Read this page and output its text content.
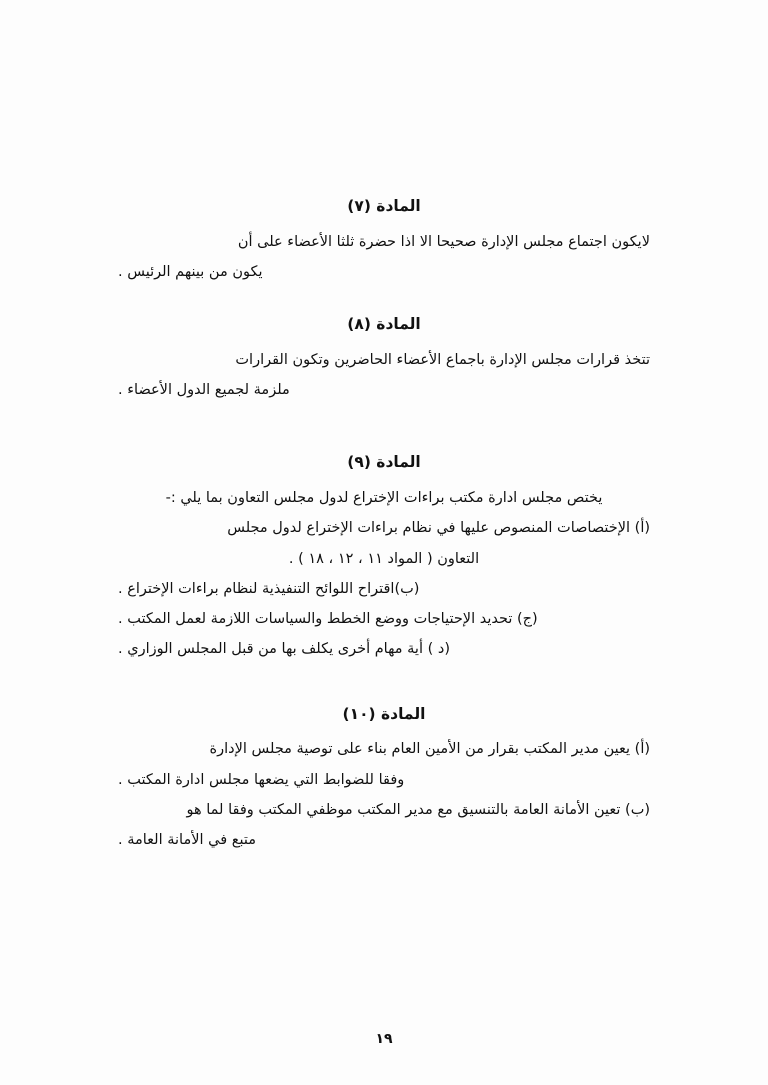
المادة (٧)
لايكون اجتماع مجلس الإدارة صحيحا الا اذا حضرة ثلثا الأعضاء على أن
يكون من بينهم الرئيس .
المادة (٨)
تتخذ قرارات مجلس الإدارة باجماع الأعضاء الحاضرين وتكون القرارات
ملزمة لجميع الدول الأعضاء .
المادة (٩)
يختص مجلس ادارة مكتب براءات الإختراع لدول مجلس التعاون بما يلي :-
(أ) الإختصاصات المنصوص عليها في نظام براءات الإختراع لدول مجلس
التعاون ( المواد ١١ ، ١٢ ، ١٨ ) .
(ب)اقتراح اللوائح التنفيذية لنظام براءات الإختراع .
(ج) تحديد الإحتياجات ووضع الخطط والسياسات اللازمة لعمل المكتب .
(د ) أية مهام أخرى يكلف بها من قبل المجلس الوزاري .
المادة (١٠)
(أ) يعين مدير المكتب بقرار من الأمين العام بناء على توصية مجلس الإدارة
وفقا للضوابط التي يضعها مجلس ادارة المكتب .
(ب) تعين الأمانة العامة بالتنسيق مع مدير المكتب موظفي المكتب وفقا لما هو
متبع في الأمانة العامة .
١٩
